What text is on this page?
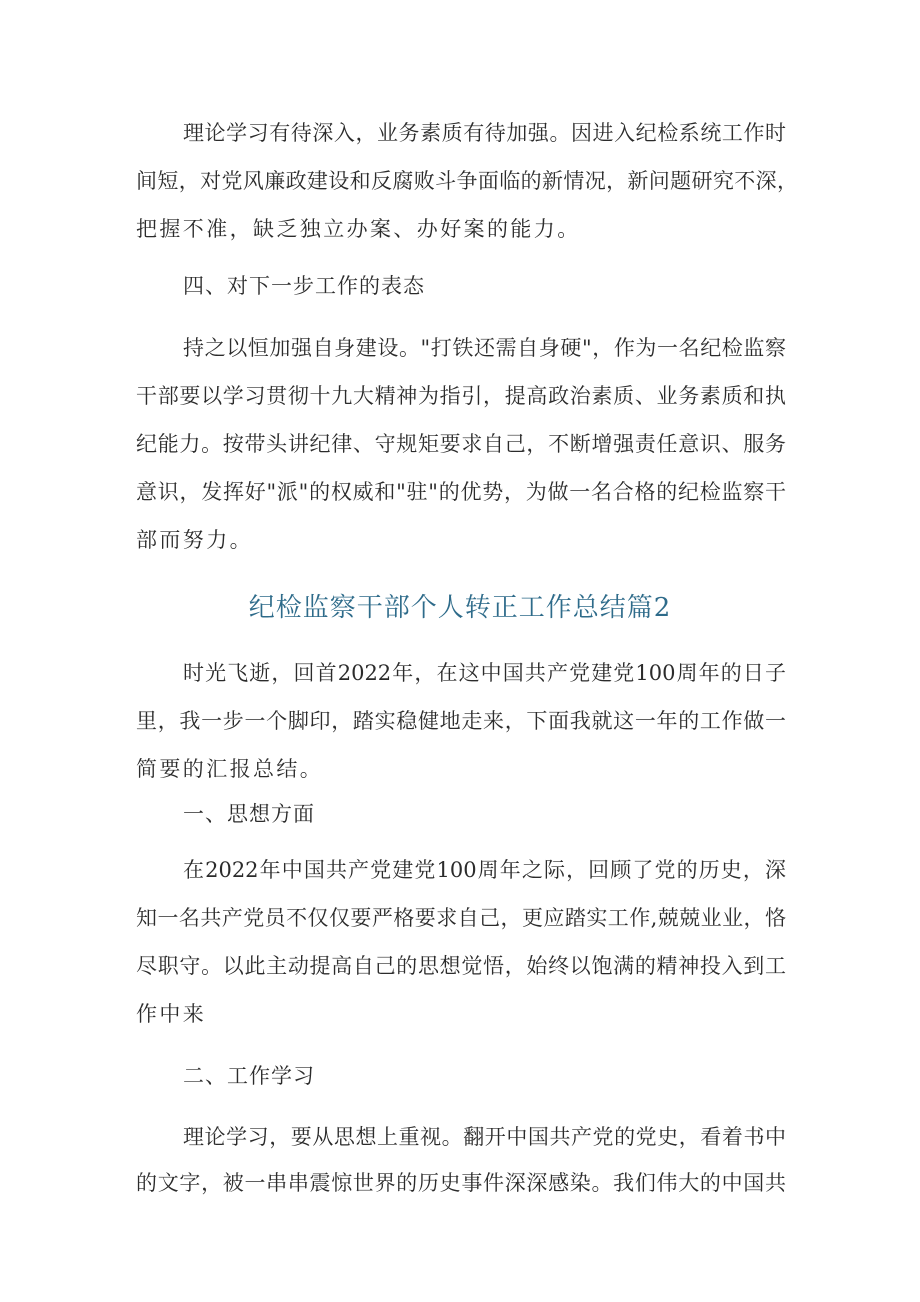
理论学习有待深入，业务素质有待加强。因进入纪检系统工作时
间短，对党风廉政建设和反腐败斗争面临的新情况，新问题研究不深，
把握不准，缺乏独立办案、办好案的能力。
四、对下一步工作的表态
持之以恒加强自身建设。"打铁还需自身硬"，作为一名纪检监察
干部要以学习贯彻十九大精神为指引，提高政治素质、业务素质和执
纪能力。按带头讲纪律、守规矩要求自己，不断增强责任意识、服务
意识，发挥好"派"的权威和"驻"的优势，为做一名合格的纪检监察干
部而努力。
纪检监察干部个人转正工作总结篇2
时光飞逝，回首2022年，在这中国共产党建党100周年的日子
里，我一步一个脚印，踏实稳健地走来，下面我就这一年的工作做一
简要的汇报总结。
一、思想方面
在2022年中国共产党建党100周年之际，回顾了党的历史，深
知一名共产党员不仅仅要严格要求自己，更应踏实工作,兢兢业业，恪
尽职守。以此主动提高自己的思想觉悟，始终以饱满的精神投入到工
作中来
二、工作学习
理论学习，要从思想上重视。翻开中国共产党的党史，看着书中
的文字，被一串串震惊世界的历史事件深深感染。我们伟大的中国共
